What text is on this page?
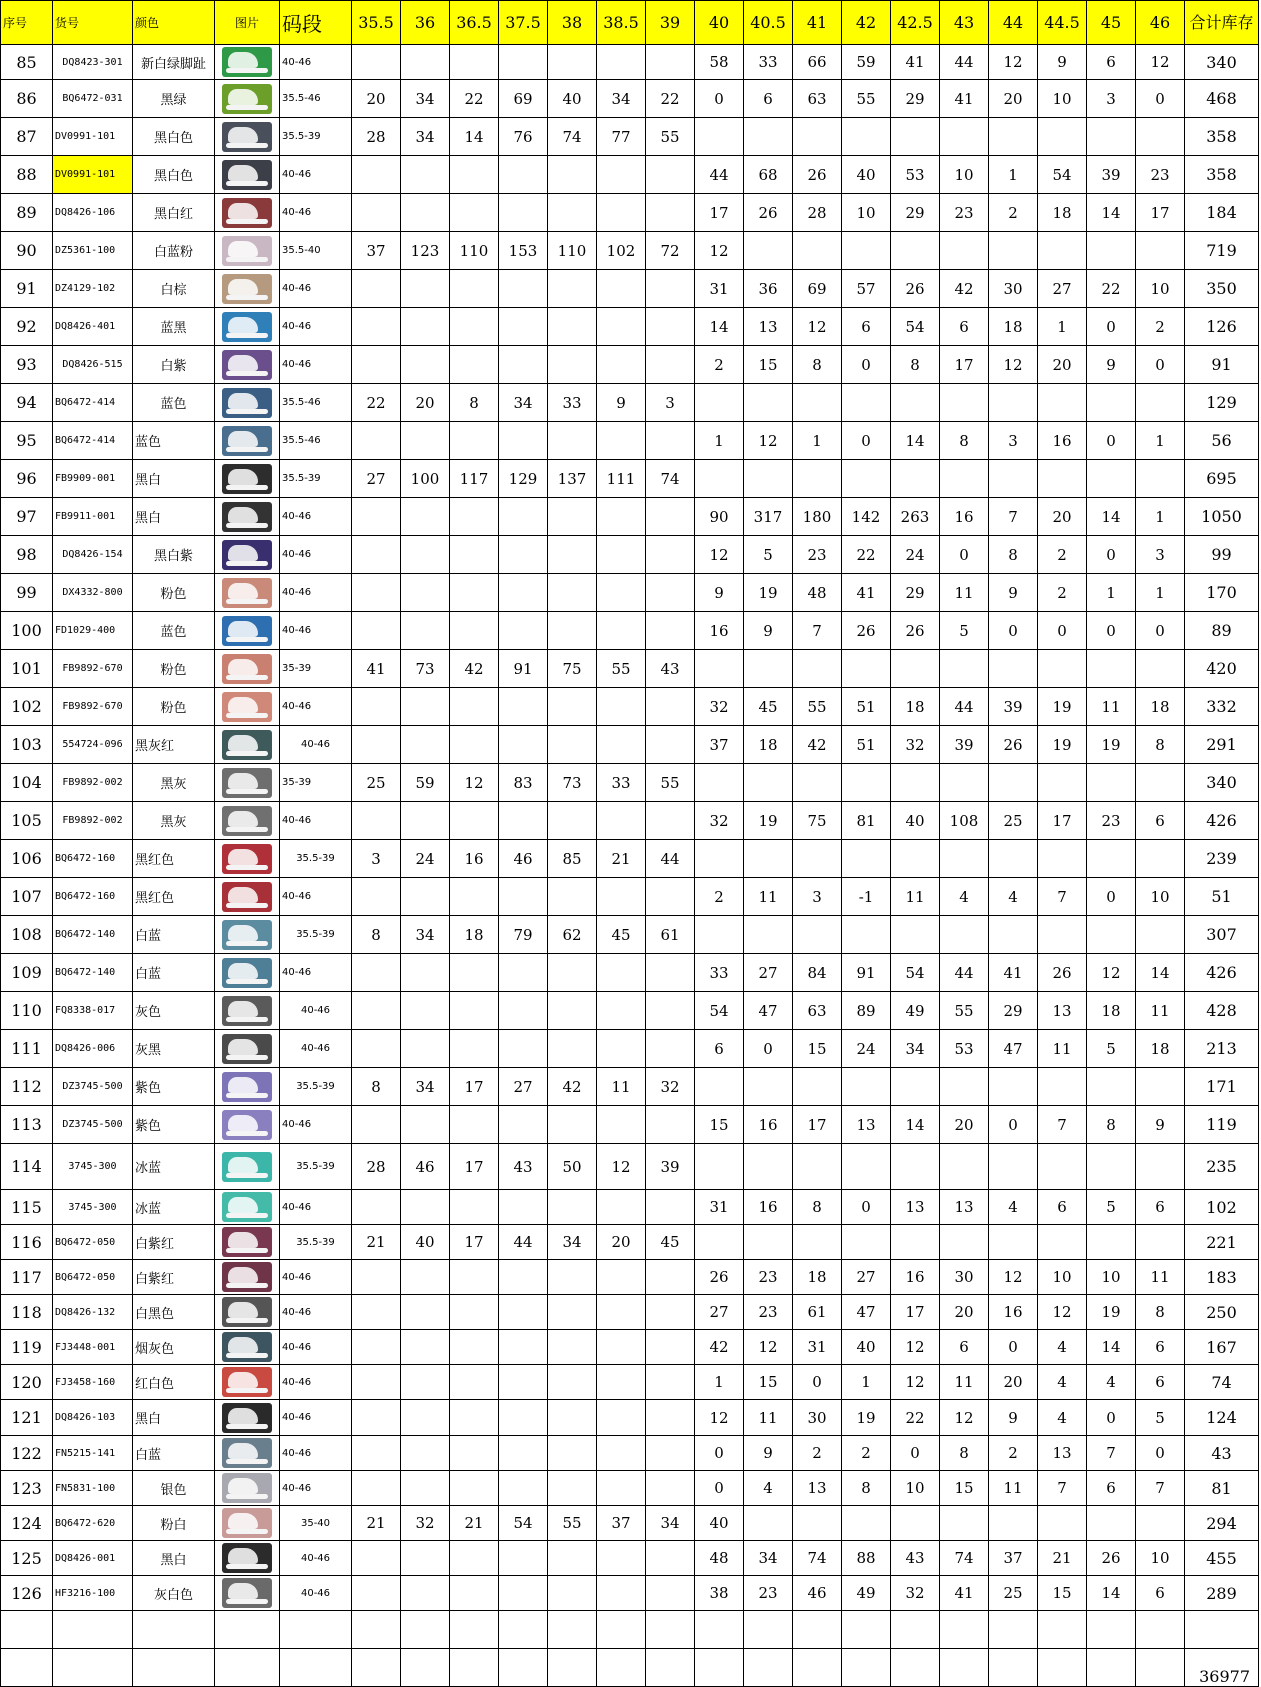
序号	货号	颜色	图片	码段	35.5	36	36.5	37.5	38	38.5	39	40	40.5	41	42	42.5	43	44	44.5	45	46	合计库存
85	DQ8423-301	新白绿脚趾		40-46								58	33	66	59	41	44	12	9	6	12	340
86	BQ6472-031	黑绿		35.5-46	20	34	22	69	40	34	22	0	6	63	55	29	41	20	10	3	0	468
87	DV0991-101	黑白色		35.5-39	28	34	14	76	74	77	55											358
88	DV0991-101	黑白色		40-46								44	68	26	40	53	10	1	54	39	23	358
89	DQ8426-106	黑白红		40-46								17	26	28	10	29	23	2	18	14	17	184
90	DZ5361-100	白蓝粉		35.5-40	37	123	110	153	110	102	72	12										719
91	DZ4129-102	白棕		40-46								31	36	69	57	26	42	30	27	22	10	350
92	DQ8426-401	蓝黑		40-46								14	13	12	6	54	6	18	1	0	2	126
93	DQ8426-515	白紫		40-46								2	15	8	0	8	17	12	20	9	0	91
94	BQ6472-414	蓝色		35.5-46	22	20	8	34	33	9	3											129
95	BQ6472-414	蓝色		35.5-46								1	12	1	0	14	8	3	16	0	1	56
96	FB9909-001	黑白		35.5-39	27	100	117	129	137	111	74											695
97	FB9911-001	黑白		40-46								90	317	180	142	263	16	7	20	14	1	1050
98	DQ8426-154	黑白紫		40-46								12	5	23	22	24	0	8	2	0	3	99
99	DX4332-800	粉色		40-46								9	19	48	41	29	11	9	2	1	1	170
100	FD1029-400	蓝色		40-46								16	9	7	26	26	5	0	0	0	0	89
101	FB9892-670	粉色		35-39	41	73	42	91	75	55	43											420
102	FB9892-670	粉色		40-46								32	45	55	51	18	44	39	19	11	18	332
103	554724-096	黑灰红		40-46								37	18	42	51	32	39	26	19	19	8	291
104	FB9892-002	黑灰		35-39	25	59	12	83	73	33	55											340
105	FB9892-002	黑灰		40-46								32	19	75	81	40	108	25	17	23	6	426
106	BQ6472-160	黑红色		35.5-39	3	24	16	46	85	21	44											239
107	BQ6472-160	黑红色		40-46								2	11	3	-1	11	4	4	7	0	10	51
108	BQ6472-140	白蓝		35.5-39	8	34	18	79	62	45	61											307
109	BQ6472-140	白蓝		40-46								33	27	84	91	54	44	41	26	12	14	426
110	FQ8338-017	灰色		40-46								54	47	63	89	49	55	29	13	18	11	428
111	DQ8426-006	灰黑		40-46								6	0	15	24	34	53	47	11	5	18	213
112	DZ3745-500	紫色		35.5-39	8	34	17	27	42	11	32											171
113	DZ3745-500	紫色		40-46								15	16	17	13	14	20	0	7	8	9	119
114	3745-300	冰蓝		35.5-39	28	46	17	43	50	12	39											235
115	3745-300	冰蓝		40-46								31	16	8	0	13	13	4	6	5	6	102
116	BQ6472-050	白紫红		35.5-39	21	40	17	44	34	20	45											221
117	BQ6472-050	白紫红		40-46								26	23	18	27	16	30	12	10	10	11	183
118	DQ8426-132	白黑色		40-46								27	23	61	47	17	20	16	12	19	8	250
119	FJ3448-001	烟灰色		40-46								42	12	31	40	12	6	0	4	14	6	167
120	FJ3458-160	红白色		40-46								1	15	0	1	12	11	20	4	4	6	74
121	DQ8426-103	黑白		40-46								12	11	30	19	22	12	9	4	0	5	124
122	FN5215-141	白蓝		40-46								0	9	2	2	0	8	2	13	7	0	43
123	FN5831-100	银色		40-46								0	4	13	8	10	15	11	7	6	7	81
124	BQ6472-620	粉白		35-40	21	32	21	54	55	37	34	40										294
125	DQ8426-001	黑白		40-46								48	34	74	88	43	74	37	21	26	10	455
126	HF3216-100	灰白色		40-46								38	23	46	49	32	41	25	15	14	6	289

																						36977
